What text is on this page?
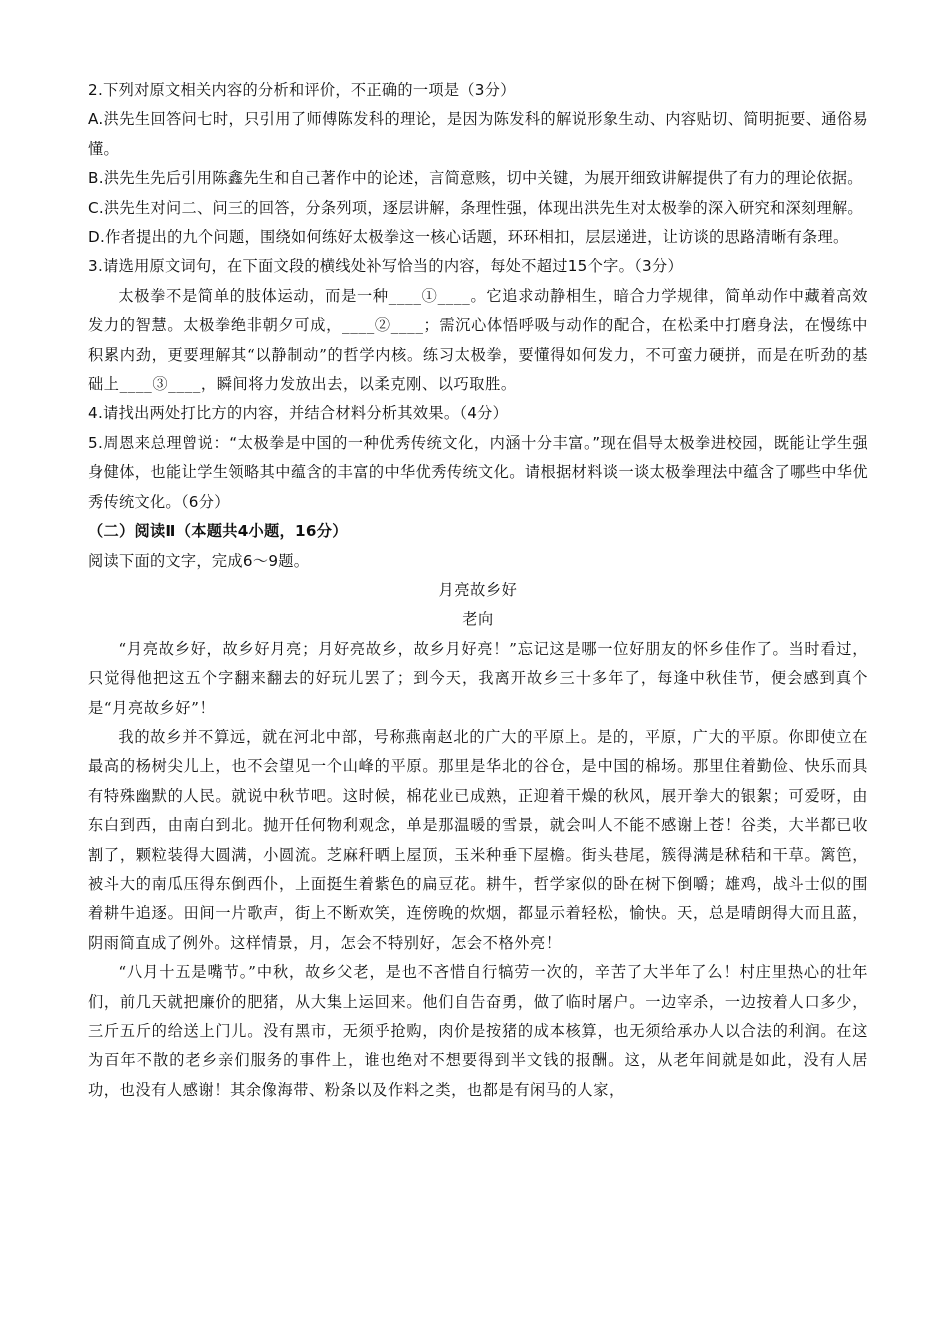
2.下列对原文相关内容的分析和评价，不正确的一项是（3分）

A.洪先生回答问七时，只引用了师傅陈发科的理论，是因为陈发科的解说形象生动、内容贴切、简明扼要、通俗易懂。

B.洪先生先后引用陈鑫先生和自己著作中的论述，言简意赅，切中关键，为展开细致讲解提供了有力的理论依据。

C.洪先生对问二、问三的回答，分条列项，逐层讲解，条理性强，体现出洪先生对太极拳的深入研究和深刻理解。

D.作者提出的九个问题，围绕如何练好太极拳这一核心话题，环环相扣，层层递进，让访谈的思路清晰有条理。

3.请选用原文词句，在下面文段的横线处补写恰当的内容，每处不超过15个字。（3分）

太极拳不是简单的肢体运动，而是一种____①____。它追求动静相生，暗合力学规律，简单动作中藏着高效发力的智慧。太极拳绝非朝夕可成，____②____；需沉心体悟呼吸与动作的配合，在松柔中打磨身法，在慢练中积累内劲，更要理解其“以静制动”的哲学内核。练习太极拳，要懂得如何发力，不可蛮力硬拼，而是在听劲的基础上____③____，瞬间将力发放出去，以柔克刚、以巧取胜。

4.请找出两处打比方的内容，并结合材料分析其效果。（4分）

5.周恩来总理曾说：“太极拳是中国的一种优秀传统文化，内涵十分丰富。”现在倡导太极拳进校园，既能让学生强身健体，也能让学生领略其中蕴含的丰富的中华优秀传统文化。请根据材料谈一谈太极拳理法中蕴含了哪些中华优秀传统文化。（6分）

（二）阅读Ⅱ（本题共4小题，16分）

阅读下面的文字，完成6～9题。

月亮故乡好

老向

“月亮故乡好，故乡好月亮；月好亮故乡，故乡月好亮！”忘记这是哪一位好朋友的怀乡佳作了。当时看过，只觉得他把这五个字翻来翻去的好玩儿罢了；到今天，我离开故乡三十多年了，每逢中秋佳节，便会感到真个是“月亮故乡好”！

我的故乡并不算远，就在河北中部，号称燕南赵北的广大的平原上。是的，平原，广大的平原。你即使立在最高的杨树尖儿上，也不会望见一个山峰的平原。那里是华北的谷仓，是中国的棉场。那里住着勤俭、快乐而具有特殊幽默的人民。就说中秋节吧。这时候，棉花业已成熟，正迎着干燥的秋风，展开拳大的银絮；可爱呀，由东白到西，由南白到北。抛开任何物利观念，单是那温暖的雪景，就会叫人不能不感谢上苍！谷类，大半都已收割了，颗粒装得大圆满，小圆流。芝麻秆晒上屋顶，玉米种垂下屋檐。街头巷尾，簇得满是秫秸和干草。篱笆，被斗大的南瓜压得东倒西仆，上面挺生着紫色的扁豆花。耕牛，哲学家似的卧在树下倒嚼；雄鸡，战斗士似的围着耕牛追逐。田间一片歌声，街上不断欢笑，连傍晚的炊烟，都显示着轻松，愉快。天，总是晴朗得大而且蓝，阴雨简直成了例外。这样情景，月，怎会不特别好，怎会不格外亮！

“八月十五是嘴节。”中秋，故乡父老，是也不吝惜自行犒劳一次的，辛苦了大半年了么！村庄里热心的壮年们，前几天就把廉价的肥猪，从大集上运回来。他们自告奋勇，做了临时屠户。一边宰杀，一边按着人口多少，三斤五斤的给送上门儿。没有黑市，无须乎抢购，肉价是按猪的成本核算，也无须给承办人以合法的利润。在这为百年不散的老乡亲们服务的事件上，谁也绝对不想要得到半文钱的报酬。这，从老年间就是如此，没有人居功，也没有人感谢！其余像海带、粉条以及作料之类，也都是有闲马的人家，
